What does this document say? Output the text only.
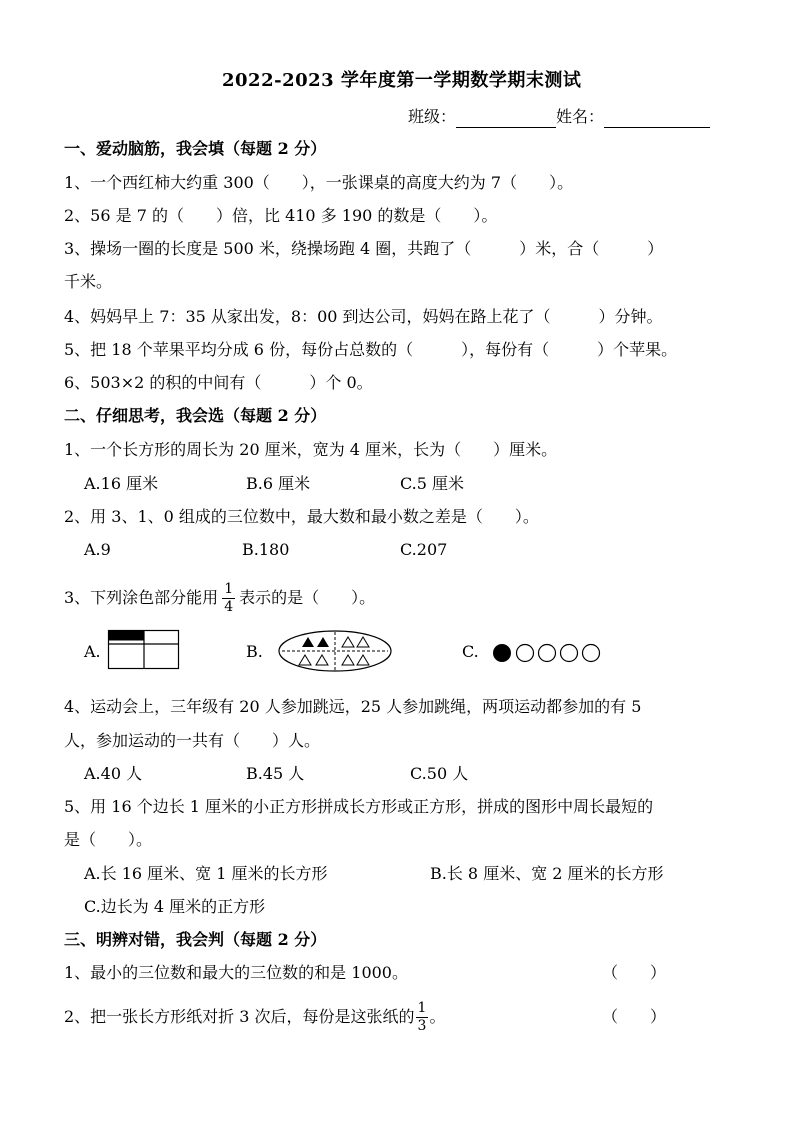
2022-2023 学年度第一学期数学期末测试
班级：	姓名：
一、爱动脑筋，我会填（每题 2 分）
1、一个西红柿大约重 300（　　），一张课桌的高度大约为 7（　　）。
2、56 是 7 的（　　）倍，比 410 多 190 的数是（　　）。
3、操场一圈的长度是 500 米，绕操场跑 4 圈，共跑了（　　　）米，合（　　　）
千米。
4、妈妈早上 7：35 从家出发，8：00 到达公司，妈妈在路上花了（　　　）分钟。
5、把 18 个苹果平均分成 6 份，每份占总数的（　　　），每份有（　　　）个苹果。
6、503×2 的积的中间有（　　　）个 0。
二、仔细思考，我会选（每题 2 分）
1、一个长方形的周长为 20 厘米，宽为 4 厘米，长为（　　）厘米。
A.16 厘米	B.6 厘米	C.5 厘米
2、用 3、1、0 组成的三位数中，最大数和最小数之差是（　　）。
A.9	B.180	C.207
3、下列涂色部分能用 $\frac{1}{4}$ 表示的是（　　）。
A.	B.	C.
4、运动会上，三年级有 20 人参加跳远，25 人参加跳绳，两项运动都参加的有 5
人，参加运动的一共有（　　）人。
A.40 人	B.45 人	C.50 人
5、用 16 个边长 1 厘米的小正方形拼成长方形或正方形，拼成的图形中周长最短的
是（　　）。
A.长 16 厘米、宽 1 厘米的长方形	B.长 8 厘米、宽 2 厘米的长方形
C.边长为 4 厘米的正方形
三、明辨对错，我会判（每题 2 分）
1、最小的三位数和最大的三位数的和是 1000。	（　　）
2、把一张长方形纸对折 3 次后，每份是这张纸的 $\frac{1}{3}$ 。	（　　）
